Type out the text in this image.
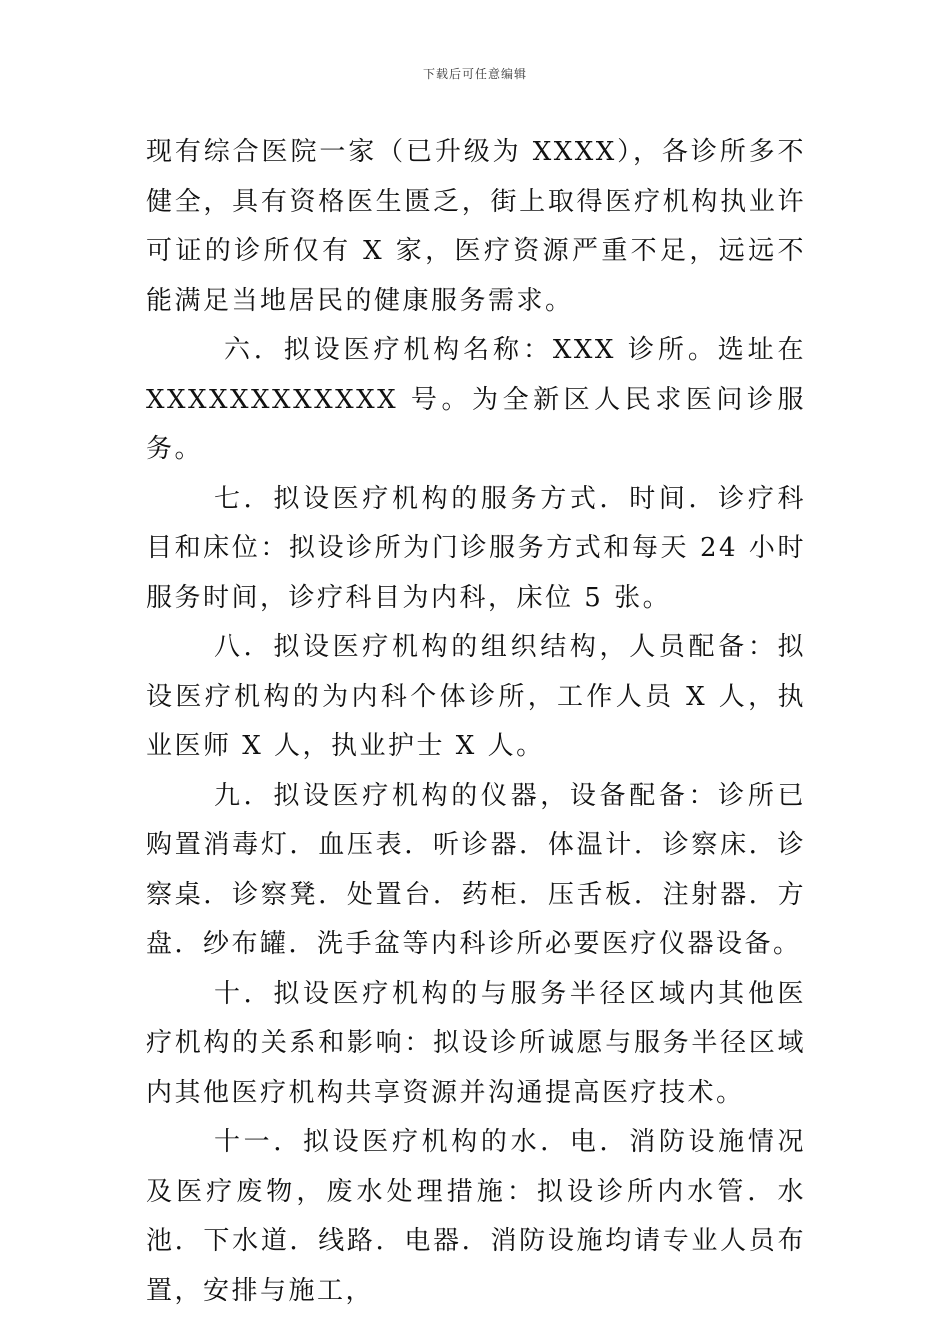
下载后可任意编辑

现有综合医院一家（已升级为 XXXX），各诊所多不健全，具有资格医生匮乏，街上取得医疗机构执业许可证的诊所仅有 X 家，医疗资源严重不足，远远不能满足当地居民的健康服务需求。

六．拟设医疗机构名称：XXX 诊所。选址在 XXXXXXXXXXXX 号。为全新区人民求医问诊服务。

七．拟设医疗机构的服务方式．时间．诊疗科目和床位：拟设诊所为门诊服务方式和每天 24 小时服务时间，诊疗科目为内科，床位 5 张。

八．拟设医疗机构的组织结构，人员配备：拟设医疗机构的为内科个体诊所，工作人员 X 人，执业医师 X 人，执业护士 X 人。

九．拟设医疗机构的仪器，设备配备：诊所已购置消毒灯．血压表．听诊器．体温计．诊察床．诊察桌．诊察凳．处置台．药柜．压舌板．注射器．方盘．纱布罐．洗手盆等内科诊所必要医疗仪器设备。

十．拟设医疗机构的与服务半径区域内其他医疗机构的关系和影响：拟设诊所诚愿与服务半径区域内其他医疗机构共享资源并沟通提高医疗技术。

十一．拟设医疗机构的水．电．消防设施情况及医疗废物，废水处理措施：拟设诊所内水管．水池．下水道．线路．电器．消防设施均请专业人员布置，安排与施工，
